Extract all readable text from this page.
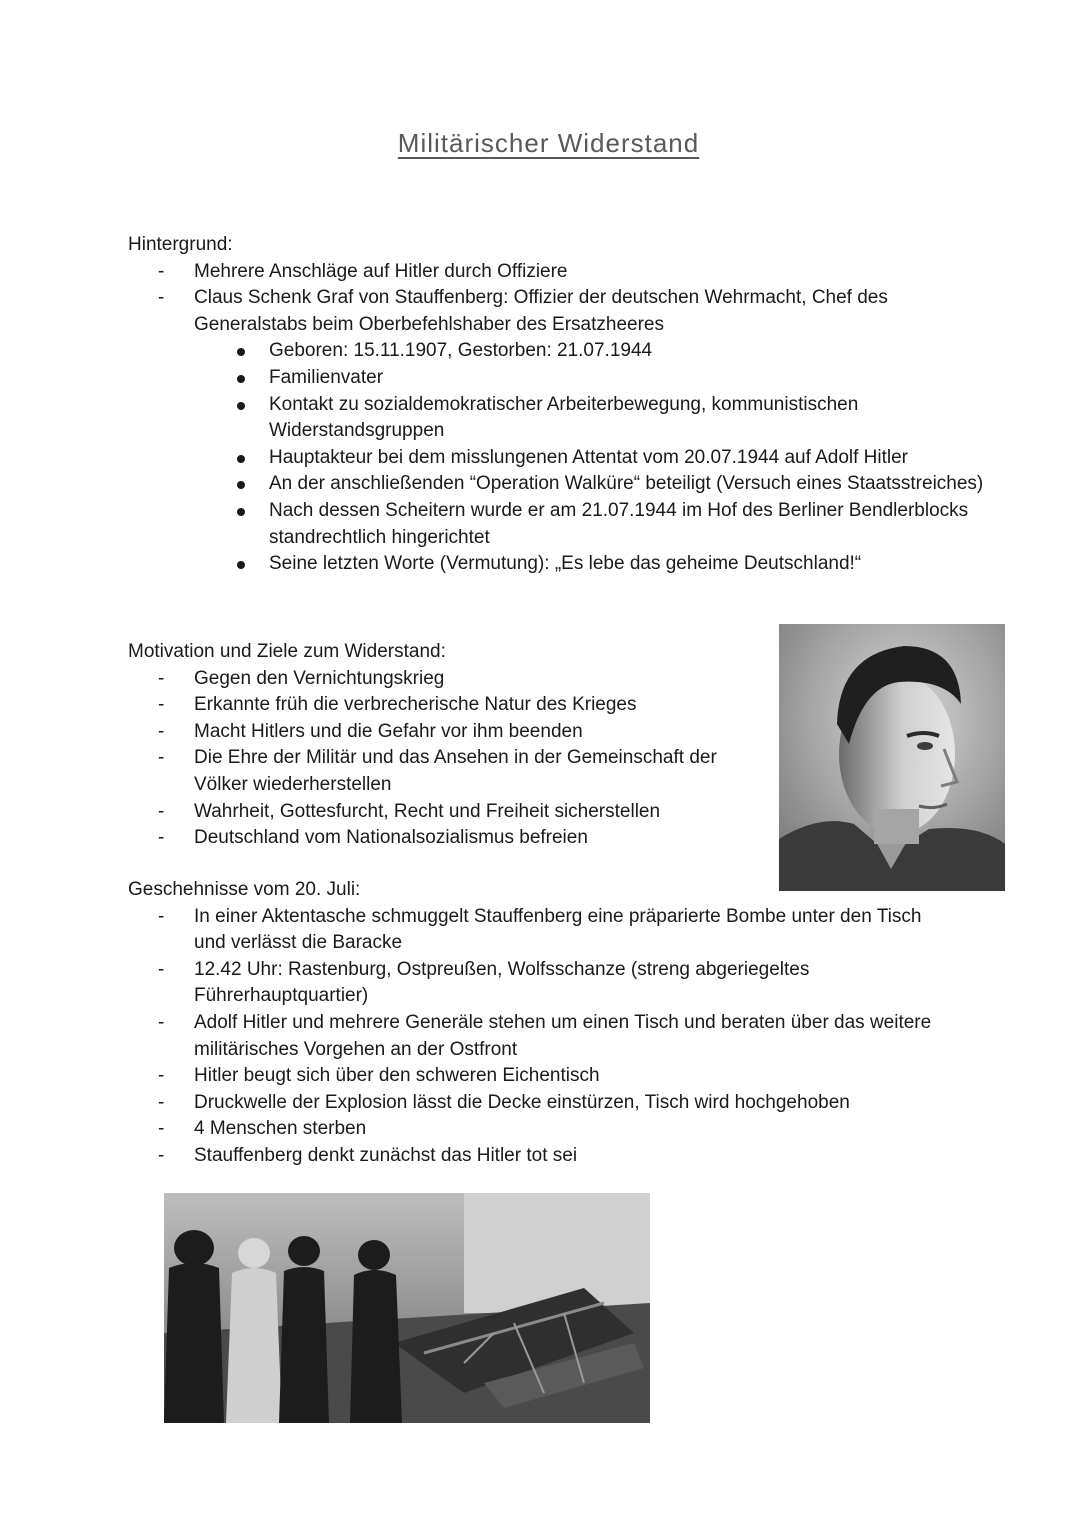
Militärischer Widerstand

Hintergrund:

- Mehrere Anschläge auf Hitler durch Offiziere
- Claus Schenk Graf von Stauffenberg: Offizier der deutschen Wehrmacht, Chef des Generalstabs beim Oberbefehlshaber des Ersatzheeres
Geboren: 15.11.1907, Gestorben: 21.07.1944
Familienvater
Kontakt zu sozialdemokratischer Arbeiterbewegung, kommunistischen Widerstandsgruppen
Hauptakteur bei dem misslungenen Attentat vom 20.07.1944 auf Adolf Hitler
An der anschließenden “Operation Walküre“ beteiligt (Versuch eines Staatsstreiches)
Nach dessen Scheitern wurde er am 21.07.1944 im Hof des Berliner Bendlerblocks standrechtlich hingerichtet
Seine letzten Worte (Vermutung): „Es lebe das geheime Deutschland!“

Motivation und Ziele zum Widerstand:

- Gegen den Vernichtungskrieg
- Erkannte früh die verbrecherische Natur des Krieges
- Macht Hitlers und die Gefahr vor ihm beenden
- Die Ehre der Militär und das Ansehen in der Gemeinschaft der Völker wiederherstellen
- Wahrheit, Gottesfurcht, Recht und Freiheit sicherstellen
- Deutschland vom Nationalsozialismus befreien

Geschehnisse vom 20. Juli:

- In einer Aktentasche schmuggelt Stauffenberg eine präparierte Bombe unter den Tisch und verlässt die Baracke
- 12.42 Uhr: Rastenburg, Ostpreußen, Wolfsschanze (streng abgeriegeltes Führerhauptquartier)
- Adolf Hitler und mehrere Generäle stehen um einen Tisch und beraten über das weitere militärisches Vorgehen an der Ostfront
- Hitler beugt sich über den schweren Eichentisch
- Druckwelle der Explosion lässt die Decke einstürzen, Tisch wird hochgehoben
- 4 Menschen sterben
- Stauffenberg denkt zunächst das Hitler tot sei
